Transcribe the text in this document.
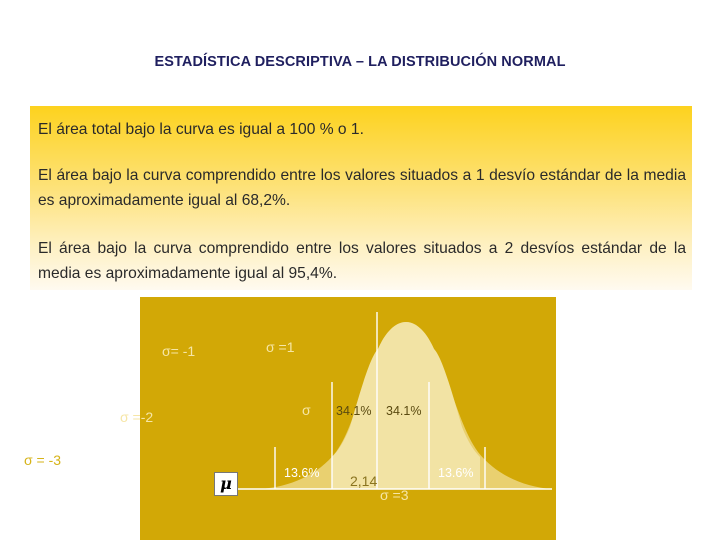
ESTADÍSTICA DESCRIPTIVA – LA DISTRIBUCIÓN NORMAL
El área total bajo la curva es igual a 100 % o 1.
El área bajo la curva comprendido entre los valores situados a 1 desvío estándar de la media es aproximadamente igual al 68,2%.
El área bajo la curva comprendido entre los valores situados a 2 desvíos estándar de la media es aproximadamente igual al 95,4%.
13.6%
34.1% 34.1%
13.6%
σ= -1	σ =1
σ =-2	σ
σ = -3
σ =3
2,14
μ
